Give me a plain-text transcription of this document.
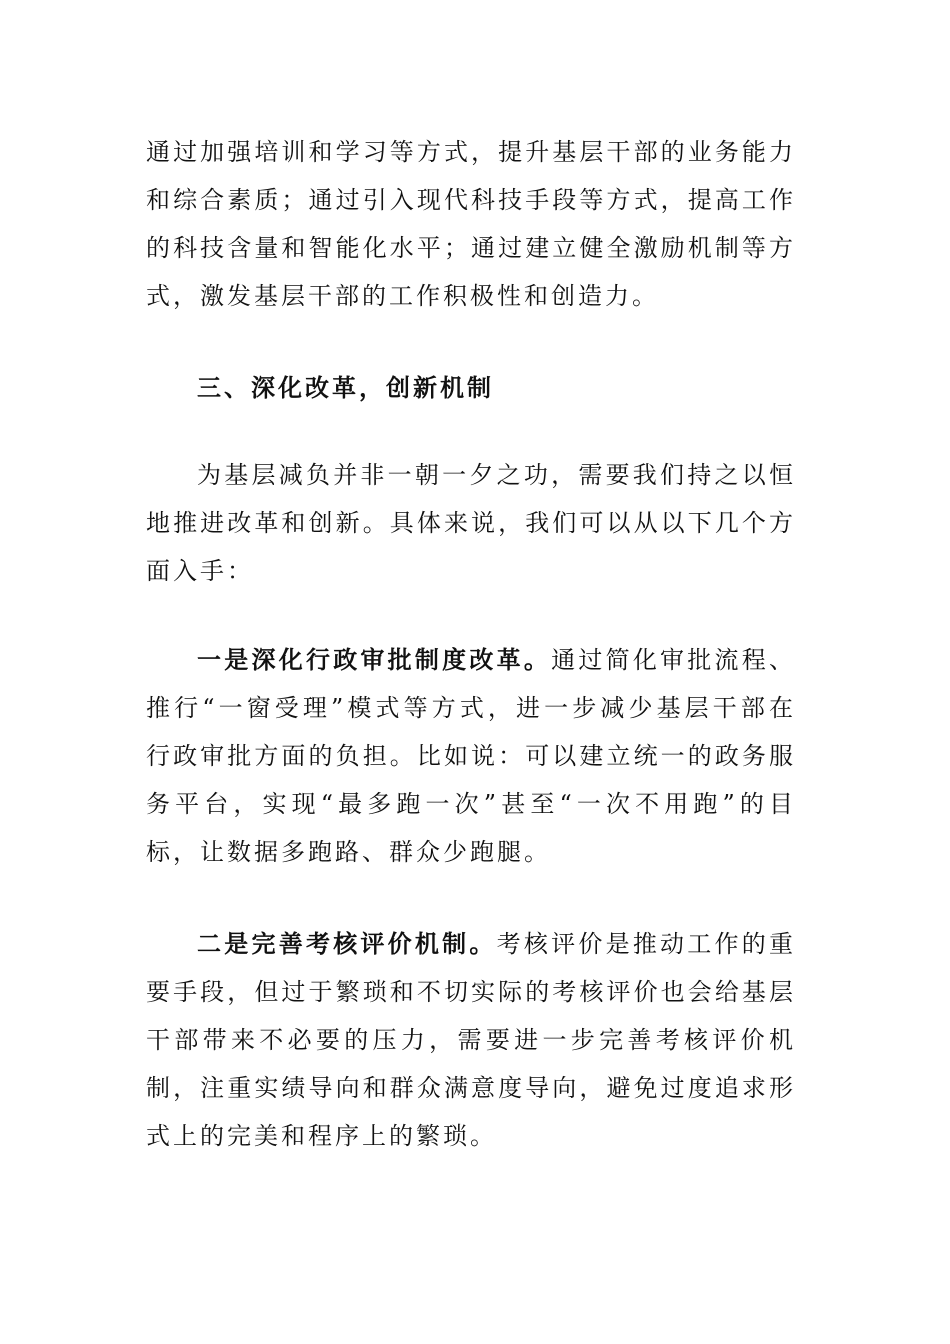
通过加强培训和学习等方式，提升基层干部的业务能力和综合素质；通过引入现代科技手段等方式，提高工作的科技含量和智能化水平；通过建立健全激励机制等方式，激发基层干部的工作积极性和创造力。

三、深化改革，创新机制

为基层减负并非一朝一夕之功，需要我们持之以恒地推进改革和创新。具体来说，我们可以从以下几个方面入手：

一是深化行政审批制度改革。通过简化审批流程、推行“一窗受理”模式等方式，进一步减少基层干部在行政审批方面的负担。比如说：可以建立统一的政务服务平台，实现“最多跑一次”甚至“一次不用跑”的目标，让数据多跑路、群众少跑腿。

二是完善考核评价机制。考核评价是推动工作的重要手段，但过于繁琐和不切实际的考核评价也会给基层干部带来不必要的压力，需要进一步完善考核评价机制，注重实绩导向和群众满意度导向，避免过度追求形式上的完美和程序上的繁琐。
